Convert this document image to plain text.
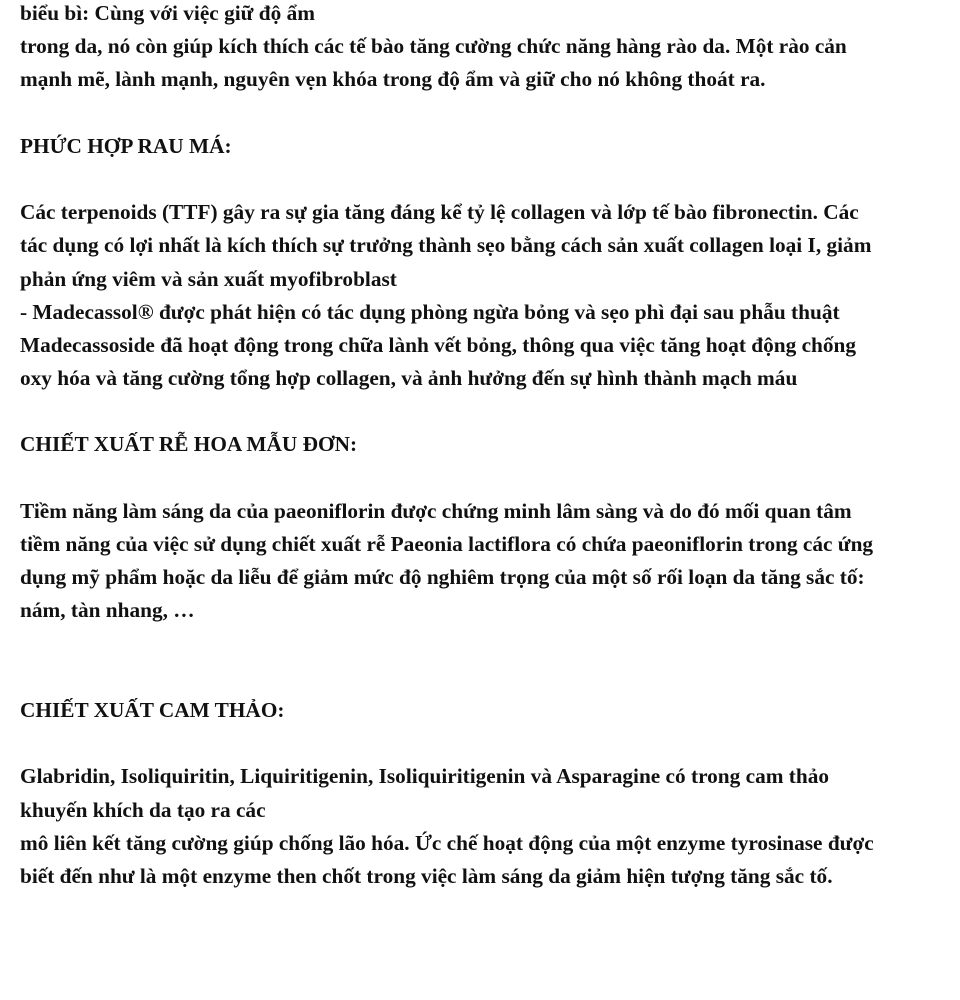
biểu bì: Cùng với việc giữ độ ẩm
trong da, nó còn giúp kích thích các tế bào tăng cường chức năng hàng rào da. Một rào cản
mạnh mẽ, lành mạnh, nguyên vẹn khóa trong độ ẩm và giữ cho nó không thoát ra.
PHỨC HỢP RAU MÁ:
Các terpenoids (TTF) gây ra sự gia tăng đáng kể tỷ lệ collagen và lớp tế bào fibronectin. Các
tác dụng có lợi nhất là kích thích sự trưởng thành sẹo bằng cách sản xuất collagen loại I, giảm
phản ứng viêm và sản xuất myofibroblast
- Madecassol® được phát hiện có tác dụng phòng ngừa bỏng và sẹo phì đại sau phẫu thuật
Madecassoside đã hoạt động trong chữa lành vết bỏng, thông qua việc tăng hoạt động chống
oxy hóa và tăng cường tổng hợp collagen, và ảnh hưởng đến sự hình thành mạch máu
CHIẾT XUẤT RỄ HOA MẪU ĐƠN:
Tiềm năng làm sáng da của paeoniflorin được chứng minh lâm sàng và do đó mối quan tâm
tiềm năng của việc sử dụng chiết xuất rễ Paeonia lactiflora có chứa paeoniflorin trong các ứng
dụng mỹ phẩm hoặc da liễu để giảm mức độ nghiêm trọng của một số rối loạn da tăng sắc tố:
nám, tàn nhang, …
CHIẾT XUẤT CAM THẢO:
Glabridin, Isoliquiritin, Liquiritigenin, Isoliquiritigenin và Asparagine có trong cam thảo
khuyến khích da tạo ra các
mô liên kết tăng cường giúp chống lão hóa. Ức chế hoạt động của một enzyme tyrosinase được
biết đến như là một enzyme then chốt trong việc làm sáng da giảm hiện tượng tăng sắc tố.
